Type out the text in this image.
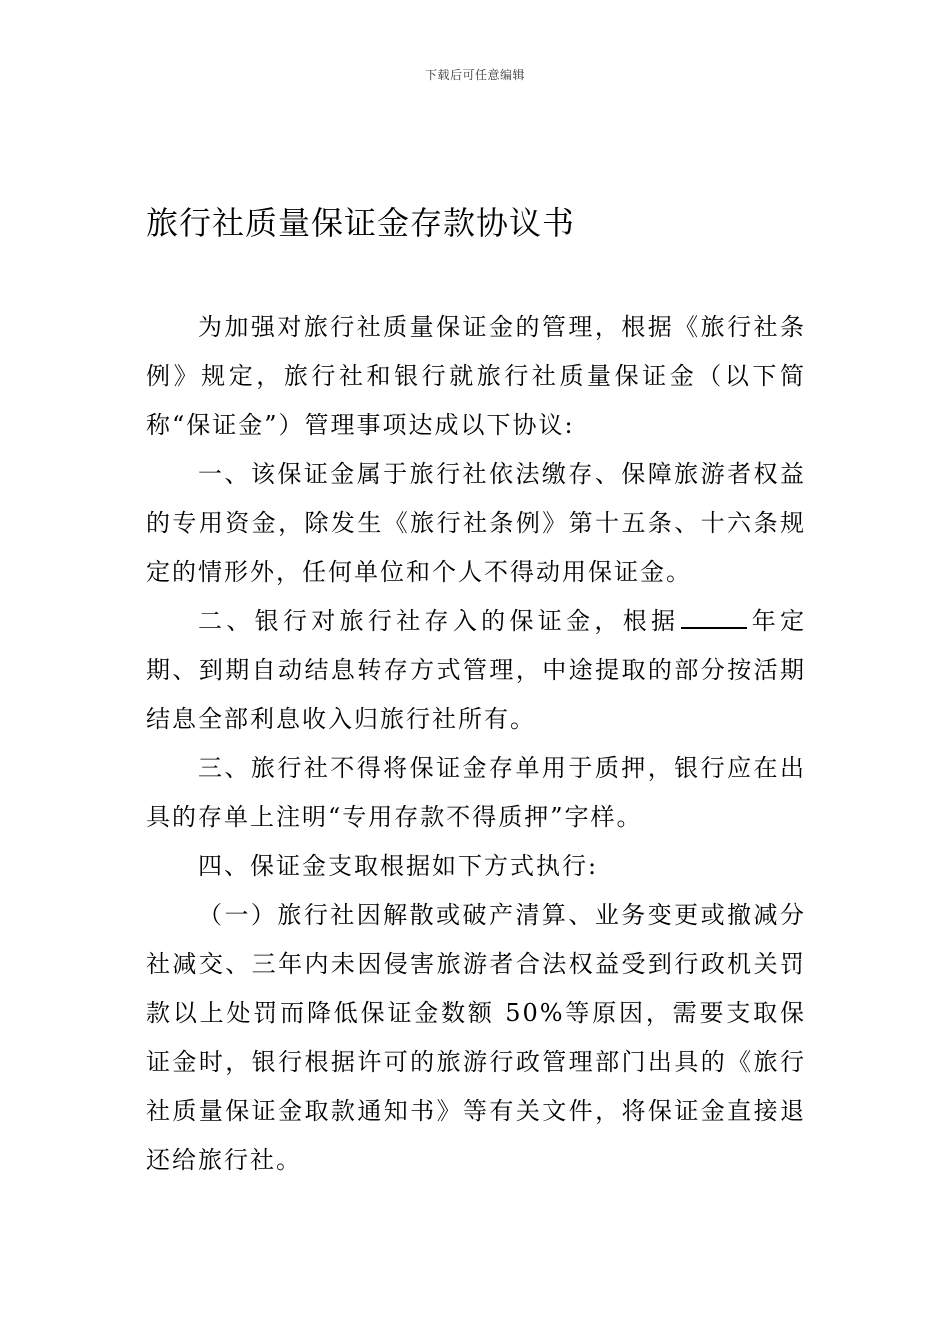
下载后可任意编辑
旅行社质量保证金存款协议书

为加强对旅行社质量保证金的管理，根据《旅行社条例》规定，旅行社和银行就旅行社质量保证金（以下简称“保证金”）管理事项达成以下协议:

一、该保证金属于旅行社依法缴存、保障旅游者权益的专用资金，除发生《旅行社条例》第十五条、十六条规定的情形外，任何单位和个人不得动用保证金。

二、银行对旅行社存入的保证金，根据	年定期、到期自动结息转存方式管理，中途提取的部分按活期结息全部利息收入归旅行社所有。

三、旅行社不得将保证金存单用于质押，银行应在出具的存单上注明“专用存款不得质押”字样。

四、保证金支取根据如下方式执行:

（一）旅行社因解散或破产清算、业务变更或撤减分社减交、三年内未因侵害旅游者合法权益受到行政机关罚款以上处罚而降低保证金数额 50%等原因，需要支取保证金时，银行根据许可的旅游行政管理部门出具的《旅行社质量保证金取款通知书》等有关文件，将保证金直接退还给旅行社。
